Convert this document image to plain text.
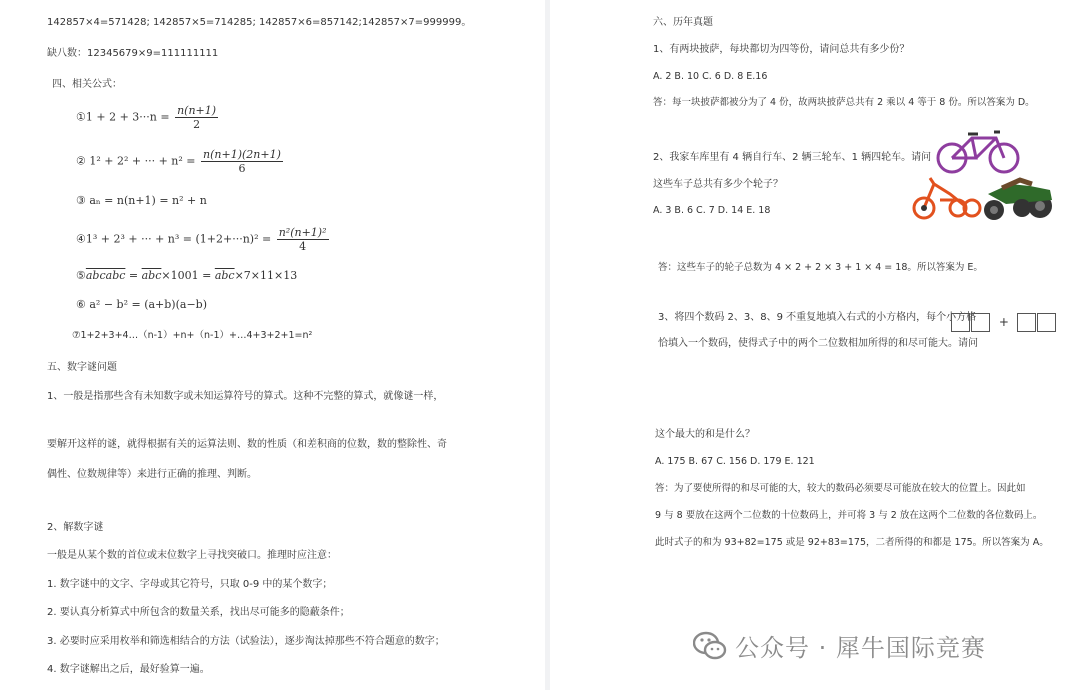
142857×4=571428; 142857×5=714285; 142857×6=857142;142857×7=999999。
缺八数：12345679×9=111111111
四、相关公式：
①1 + $2 + 3\cdot\cdot\cdot n = \frac{n(n+1)}{2}$
② 1² + 2² + ··· + $n^2 = \frac{n(n+1)(2n+1)}{6}$
③ aₙ = n(n+1) = n² + n
④1³ + 2³ + ··· + $n^3 = (1+2+\cdot\cdot\cdot n)^2 = \frac{\text{n²(n+1)²}}{4}$
⑤abcabc = $\overline{abc}\times 1001 = \overline{abc}\times 7\times 11\times 13$
⑥ a² − b² = (a+b)(a−b)
⑦1+2+3+4…（n-1）+n+（n-1）+…4+3+2+1=n²
五、数字谜问题
1、一般是指那些含有未知数字或未知运算符号的算式。这种不完整的算式，就像谜一样，
要解开这样的谜，就得根据有关的运算法则、数的性质（和差积商的位数，数的整除性、奇
偶性、位数规律等）来进行正确的推理、判断。
2、解数字谜
一般是从某个数的首位或末位数字上寻找突破口。推理时应注意：
1. 数字谜中的文字、字母或其它符号，只取 0-9 中的某个数字；
2. 要认真分析算式中所包含的数量关系，找出尽可能多的隐蔽条件；
3. 必要时应采用枚举和筛选相结合的方法（试验法），逐步淘汰掉那些不符合题意的数字；
4. 数字谜解出之后，最好验算一遍。
六、历年真题
1、有两块披萨，每块都切为四等份，请问总共有多少份？
A. 2 B. 10 C. 6 D. 8 E.16
答：每一块披萨都被分为了 4 份，故两块披萨总共有 2 乘以 4 等于 8 份。所以答案为 D。
2、我家车库里有 4 辆自行车、2 辆三轮车、1 辆四轮车。请问
这些车子总共有多少个轮子？
A. 3 B. 6 C. 7 D. 14 E. 18
答：这些车子的轮子总数为 4 × 2 + 2 × 3 + 1 × 4 = 18。所以答案为 E。
3、将四个数码 2、3、8、9 不重复地填入右式的小方格内，每个小方格
恰填入一个数码，使得式子中的两个二位数相加所得的和尽可能大。请问
+
这个最大的和是什么？
A. 175 B. 67 C. 156 D. 179 E. 121
答：为了要使所得的和尽可能的大，较大的数码必须要尽可能放在较大的位置上。因此如
9 与 8 要放在这两个二位数的十位数码上，并可将 3 与 2 放在这两个二位数的各位数码上。
此时式子的和为 93+82=175 或是 92+83=175，二者所得的和都是 175。所以答案为 A。
公众号 · 犀牛国际竞赛
